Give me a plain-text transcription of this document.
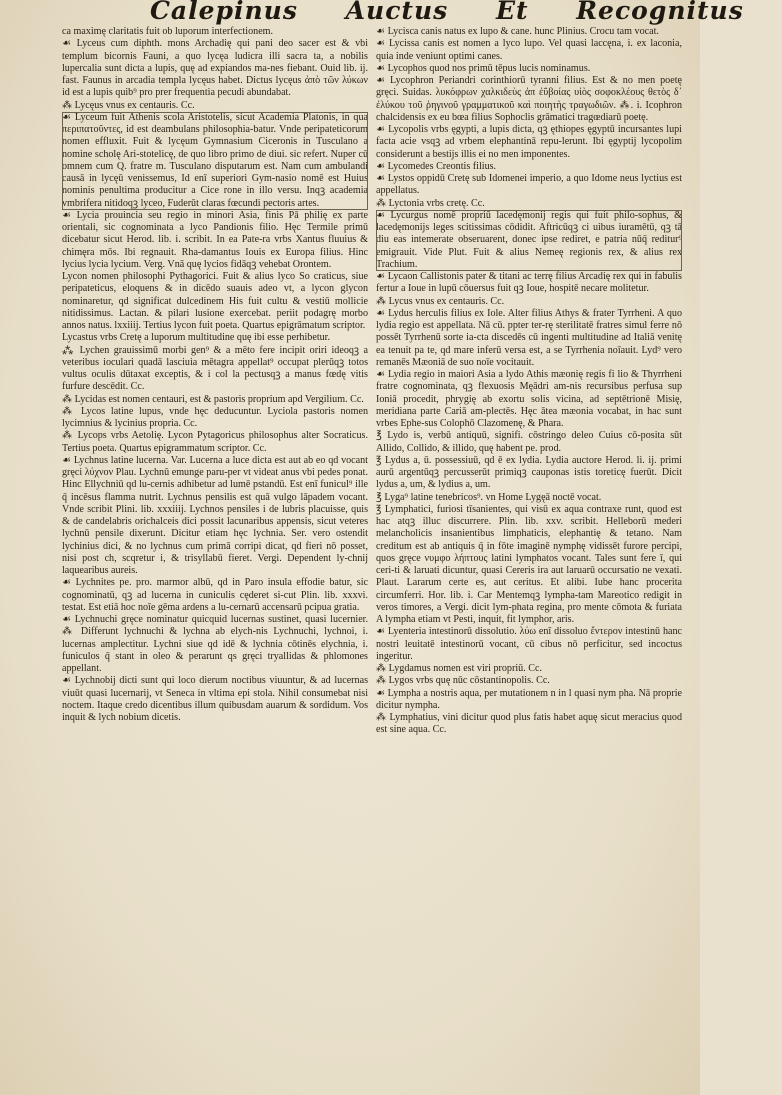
Calepinus Auctus Et Recognitus

ca maximę claritatis fuit ob luporum interfectionem.

☙ Lyceus cum diphth. mons Archadię qui pani deo sacer est & vbi templum bicornis Fauni, a quo lycęa ludicra illi sacra ta, a nobilis lupercalia sunt dicta a lupis, quę ad expiandos ma-nes fiebant. Ouid lib. ij. fast. Faunus in arcadia templa lycęus habet. Dictus lycęus ἀπὸ τῶν λύκων id est a lupis quib⁹ pro prer frequentia pecudi abundabat.

⁂ Lycęus vnus ex centauris. Cc.

☙ Lyceum fuit Athenis scola Aristotelis, sicut Academia Platonis, in qua περιπατοῦντες, id est deambulans philosophia-batur. Vnde peripateticorum nomen effluxit. Fuit & lycęum Gymnasium Ciceronis in Tusculano a nomine scholę Ari-stotelicę, de quo libro primo de diui. sic refert. Nuper cū omnem cum Q. fratre m. Tusculano disputarum est. Nam cum ambulandi causā in lycęū venissemus, Id enī superiori Gym-nasio nomē est Huius nominis penultima producitur a Cice rone in illo versu. Inqꝫ academia vmbrifera nitidoqꝫ lyceo, Fuderūt claras fœcundi pectoris artes.

☙ Lycia prouincia seu regio in minori Asia, finis Pā philię ex parte orientali, sic cognominata a lyco Pandionis filio. Hęc Termile primū dicebatur sicut Herod. lib. i. scribit. In ea Pate-ra vrbs Xantus fluuius & chimęra mōs. Ibi regnauit. Rha-damantus Iouis ex Europa filius. Hinc lycius lycia lycium. Verg. Vnā quę lycios fidāqꝫ vehebat Orontem.

Lycon nomen philosophi Pythagorici. Fuit & alius lyco So craticus, siue peripateticus, eloquens & in dicēdo suauis adeo vt, a lycon glycon nominaretur, qd significat dulcedinem His fuit cultu & vestiū mollicie nitidissimus. Lactan. & pilari lusione exercebat. periit podagrę morbo annos natus. lxxiiij. Tertius lycon fuit poeta. Quartus epigrāmatum scriptor.

Lycastus vrbs Cretę a luporum multitudine quę ibi esse perhibetur.

⁂ Lychen grauissimū morbi gen⁹ & a mēto fere incipit oriri ideoqꝫ a veteribus ioculari quadā lasciuia mētagra appellat⁹ occupat plerūqꝫ totos vultus oculis dūtaxat exceptis, & i col la pectusqꝫ a manus fœdę vitis furfure descēdit. Cc.

⁂ Lycidas est nomen centauri, est & pastoris proprium apd Vergilium. Cc.

⁂ Lycos latine lupus, vnde hęc deducuntur. Lyciola pastoris nomen lycimnius & lycinius propria. Cc.

⁂ Lycops vrbs Aetolię. Lycon Pytagoricus philosophus alter Socraticus. Tertius poeta. Quartus epigrammatum scriptor. Cc.

☙ Lychnus latine lucerna. Var. Lucerna a luce dicta est aut ab eo qd vocant gręci λύχνον Plau. Lychnū emunge paru-per vt videat anus vbi pedes ponat. Hinc Ellychniū qd lu-cernis adhibetur ad lumē pstandū. Est enī funicul⁹ ille q̄ incēsus flamma nutrit. Lychnus pensilis est quā vulgo lāpadem vocant. Vnde scribit Plini. lib. xxxiiij. Lychnos pensiles i de lubris placuisse, quis & de candelabris orichalceis dici possit lacunaribus appensis, sicut veteres lychnū pensile dixerunt. Dicitur etiam hęc lychnia. Ser. vero ostendit lychinius dici, & no lychnus cum primā corripi dicat, qd fieri nō posset, nisi post ch, scqretur i, & trisyllabū fieret. Vergi. Dependent ly-chnij laquearibus aureis.

☙ Lychnites pe. pro. marmor albū, qd in Paro insula effodie batur, sic cognominatū, qꝫ ad lucerna in cuniculis cęderet si-cut Plin. lib. xxxvi. testat. Est etiā hoc noīe gēma ardens a lu-cernarū accensarū pcipua gratia.

☙ Lychnuchi gręce nominatur quicquid lucernas sustinet, quasi lucernier. ⁂ Differunt lychnuchi & lychna ab elych-nis Lychnuchi, lychnoi, i. lucernas amplectitur. Lychni siue qd idē & lychnia cōtinēs elychnia, i. funiculos q̄ stant in oleo & perarunt qs gręci tryallidas & phlomones appellant.

☙ Lychnobij dicti sunt qui loco dierum noctibus viuuntur, & ad lucernas viuūt quasi lucernarij, vt Seneca in vltima epi stola. Nihil consumebat nisi noctem. Itaque credo dicentibus illum quibusdam auarum & sordidum. Vos inquit & lych nobium dicetis.

☙ Lycisca canis natus ex lupo & cane. hunc Plinius. Crocu tam vocat.

☙ Lycissa canis est nomen a lyco lupo. Vel quasi laccęna, i. ex laconia, quia inde veniunt optimi canes.

☙ Lycophos quod nos primū tēpus lucis nominamus.

☙ Lycophron Periandri corinthiorū tyranni filius. Est & no men poetę gręci. Suidas. λυκόφρων χαλκιδεὺς ἀπ ἐΰβοίας υἱὸς σοφοκλέους θετὸς δ᾿ ἐλύκου τοῦ ῥηγινοῦ γραμματικοῦ καὶ ποιητὴς τραγωδιῶν. ⁂. i. Icophron chalcidensis ex eu bœa filius Sophoclis grāmatici tragœdiarū poetę.

☙ Lycopolis vrbs ęgypti, a lupis dicta, qꝫ ęthiopes ęgyptū incursantes lupi facta acie vsqꝫ ad vrbem elephantinā repu-lerunt. Ibi ęgyptij lycopolim considerunt a bestijs illis ei no men imponentes.

☙ Lycomedes Creontis filius.

☙ Lystos oppidū Cretę sub Idomenei imperio, a quo Idome neus lyctius est appellatus.

⁂ Lyctonia vrbs cretę. Cc.

☙ Lycurgus nomē propriū lacedęmonij regis qui fuit philo-sophus, & lacedęmonijs leges scitissimas cōdidit. Aftricūqꝫ ci uibus iuramētū, qꝫ tā diu eas intemerate obseruarent, donec ipse rediret, e patria nūq̄ reditur⁹ emigrauit. Vide Plut. Fuit & alius Nemeę regionis rex, & alius rex Trachium.

☙ Lycaon Callistonis pater & titani ac terrę filius Arcadię rex qui in fabulis fertur a Ioue in lupū cōuersus fuit qꝫ Ioue, hospitē necare molitetur.

⁂ Lycus vnus ex centauris. Cc.

☙ Lydus herculis filius ex Iole. Alter filius Athys & frater Tyrrheni. A quo lydia regio est appellata. Nā cū. ppter ter-rę sterilitatē fratres simul ferre nō possēt Tyrrhenū sorte ia-cta discedēs cū ingenti multitudine ad Italiā venitę ea tenuit pa te, qd mare inferū versa est, a se Tyrrhenia noīauit. Lyd⁹ vero remanēs Mæoniā de suo noīe vocitauit.

☙ Lydia regio in maiori Asia a lydo Athis mæonię regis fi lio & Thyrrheni fratre cognominata, qꝫ flexuosis Męādri am-nis recursibus perfusa sup Ioniā procedit, phrygię ab exortu solis vicina, ad septētrionē Misię, meridiana parte Cariā am-plectēs. Hęc ātea mæonia vocabat, in hac sunt vrbes Ephe-sus Colophō Clazomenę, & Phara.

℥ Lydo is, verbū antiquū, signifi. cōstringo deleo Cuius cō-posita sūt Allido, Collido, & illido, quę habent pe. prod.

℥ Lydus a, ū. possessiuū, qd ē ex lydia. Lydia auctore Herod. li. ij. primi aurū argentūqꝫ percusserūt primiqꝫ cauponas istis toreticę fuerūt. Dicit lydus a, um, & lydius a, um.

℥ Lyga⁹ latine tenebricos⁹. vn Home Lygęā noctē vocat.

℥ Lymphatici, furiosi tīsanientes, qui visū ex aqua contraxe runt, quod est hac atqꝫ illuc discurrere. Plin. lib. xxv. scribit. Helleborū mederi melancholicis insanientibus limphaticis, elephantię & tetano. Nam creditum est ab antiquis q̄ in fōte imaginē nymphę vidissēt furore percipi, quos gręce νυμφο λήπτους latini lymphatos vocant. Tales sunt fere ī, qui ceri-ti & laruati dicuntur, quasi Cereris ira aut laruarū occursatio ne vexati. Plaut. Lararum certe es, aut ceritus. Et alibi. Iube hanc procerita circumferri. Hor. lib. i. Car Mentemqꝫ lympha-tam Mareotico redigit in veros timores, a Vergi. dicit lym-phata regina, pro mente cōmota & furiata A lympha etiam vt Pesti, inquit, fit lymphor, aris.

☙ Lyenteria intestinorū dissolutio. λύω enī dissoluo ἔντερον intestinū hanc nostri leuitatē intestinorū vocant, cū cibus nō perficitur, sed incoctus ingeritur.

⁂ Lygdamus nomen est viri propriū. Cc.

⁂ Lygos vrbs quę nūc cōstantinopolis. Cc.

☙ Lympha a nostris aqua, per mutationem n in l quasi nym pha. Nā proprie dicitur nympha.

⁂ Lymphatius, vini dicitur quod plus fatis habet aquę sicut meracius quod est sine aqua. Cc.
